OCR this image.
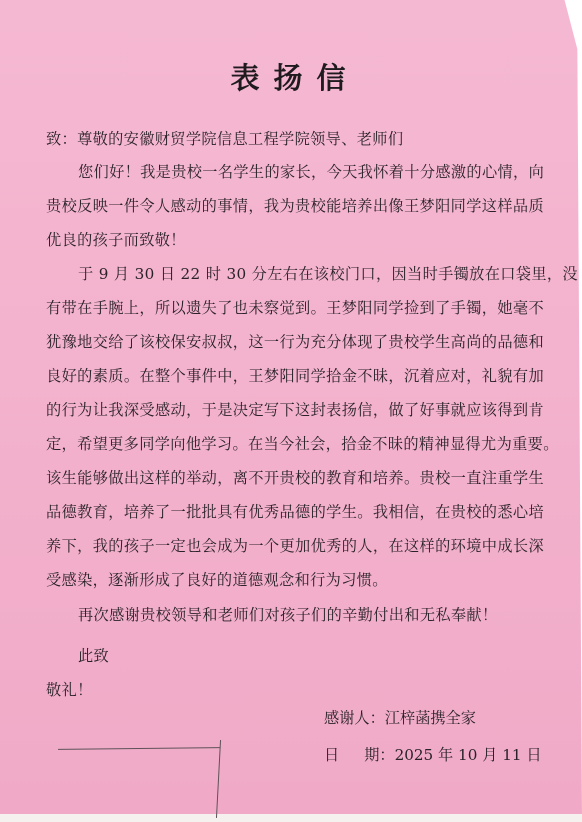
表扬信
致：尊敬的安徽财贸学院信息工程学院领导、老师们
您们好！我是贵校一名学生的家长，今天我怀着十分感激的心情，向
贵校反映一件令人感动的事情，我为贵校能培养出像王梦阳同学这样品质
优良的孩子而致敬！
于 9 月 30 日 22 时 30 分左右在该校门口，因当时手镯放在口袋里，没
有带在手腕上，所以遗失了也未察觉到。王梦阳同学捡到了手镯，她毫不
犹豫地交给了该校保安叔叔，这一行为充分体现了贵校学生高尚的品德和
良好的素质。在整个事件中，王梦阳同学拾金不昧，沉着应对，礼貌有加
的行为让我深受感动，于是决定写下这封表扬信，做了好事就应该得到肯
定，希望更多同学向他学习。在当今社会，拾金不昧的精神显得尤为重要。
该生能够做出这样的举动，离不开贵校的教育和培养。贵校一直注重学生
品德教育，培养了一批批具有优秀品德的学生。我相信，在贵校的悉心培
养下，我的孩子一定也会成为一个更加优秀的人，在这样的环境中成长深
受感染，逐渐形成了良好的道德观念和行为习惯。
再次感谢贵校领导和老师们对孩子们的辛勤付出和无私奉献！
此致
敬礼！
感谢人：江梓菡携全家
日 期：2025 年 10 月 11 日
